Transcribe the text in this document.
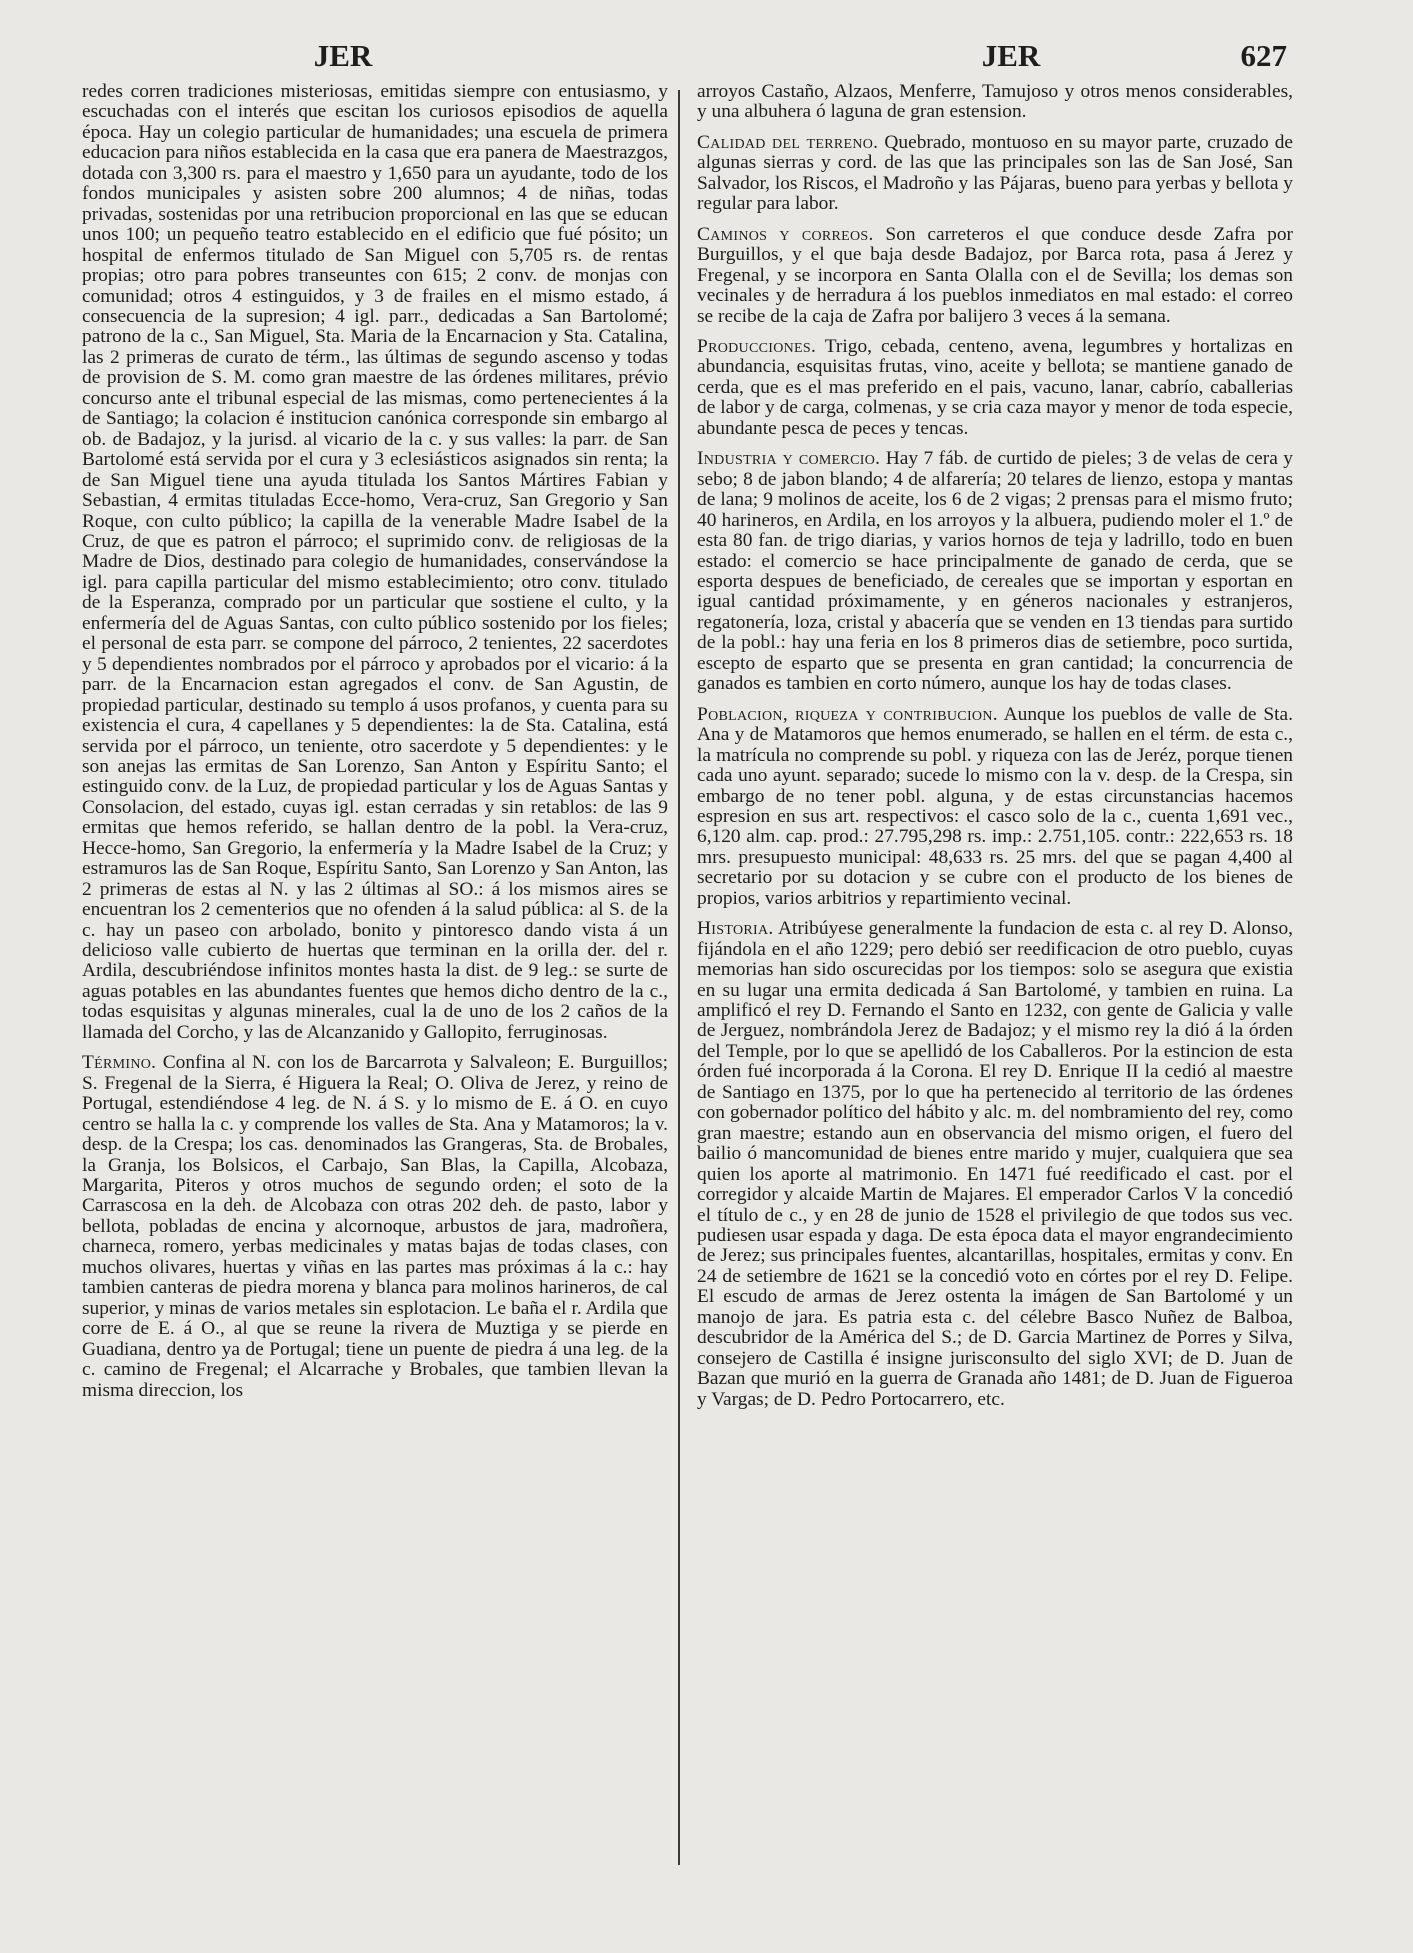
JER	JER	627

redes corren tradiciones misteriosas, emitidas siempre con entusiasmo, y escuchadas con el interés que escitan los curiosos episodios de aquella época. Hay un colegio particular de humanidades; una escuela de primera educacion para niños establecida en la casa que era panera de Maestrazgos, dotada con 3,300 rs. para el maestro y 1,650 para un ayudante, todo de los fondos municipales y asisten sobre 200 alumnos; 4 de niñas, todas privadas, sostenidas por una retribucion proporcional en las que se educan unos 100; un pequeño teatro establecido en el edificio que fué pósito; un hospital de enfermos titulado de San Miguel con 5,705 rs. de rentas propias; otro para pobres transeuntes con 615; 2 conv. de monjas con comunidad; otros 4 estinguidos, y 3 de frailes en el mismo estado, á consecuencia de la supresion; 4 igl. parr., dedicadas a San Bartolomé; patrono de la c., San Miguel, Sta. Maria de la Encarnacion y Sta. Catalina, las 2 primeras de curato de térm., las últimas de segundo ascenso y todas de provision de S. M. como gran maestre de las órdenes militares, prévio concurso ante el tribunal especial de las mismas, como pertenecientes á la de Santiago; la colacion é institucion canónica corresponde sin embargo al ob. de Badajoz, y la jurisd. al vicario de la c. y sus valles: la parr. de San Bartolomé está servida por el cura y 3 eclesiásticos asignados sin renta; la de San Miguel tiene una ayuda titulada los Santos Mártires Fabian y Sebastian, 4 ermitas tituladas Ecce-homo, Vera-cruz, San Gregorio y San Roque, con culto público; la capilla de la venerable Madre Isabel de la Cruz, de que es patron el párroco; el suprimido conv. de religiosas de la Madre de Dios, destinado para colegio de humanidades, conservándose la igl. para capilla particular del mismo establecimiento; otro conv. titulado de la Esperanza, comprado por un particular que sostiene el culto, y la enfermería del de Aguas Santas, con culto público sostenido por los fieles; el personal de esta parr. se compone del párroco, 2 tenientes, 22 sacerdotes y 5 dependientes nombrados por el párroco y aprobados por el vicario: á la parr. de la Encarnacion estan agregados el conv. de San Agustin, de propiedad particular, destinado su templo á usos profanos, y cuenta para su existencia el cura, 4 capellanes y 5 dependientes: la de Sta. Catalina, está servida por el párroco, un teniente, otro sacerdote y 5 dependientes: y le son anejas las ermitas de San Lorenzo, San Anton y Espíritu Santo; el estinguido conv. de la Luz, de propiedad particular y los de Aguas Santas y Consolacion, del estado, cuyas igl. estan cerradas y sin retablos: de las 9 ermitas que hemos referido, se hallan dentro de la pobl. la Vera-cruz, Hecce-homo, San Gregorio, la enfermería y la Madre Isabel de la Cruz; y estramuros las de San Roque, Espíritu Santo, San Lorenzo y San Anton, las 2 primeras de estas al N. y las 2 últimas al SO.: á los mismos aires se encuentran los 2 cementerios que no ofenden á la salud pública: al S. de la c. hay un paseo con arbolado, bonito y pintoresco dando vista á un delicioso valle cubierto de huertas que terminan en la orilla der. del r. Ardila, descubriéndose infinitos montes hasta la dist. de 9 leg.: se surte de aguas potables en las abundantes fuentes que hemos dicho dentro de la c., todas esquisitas y algunas minerales, cual la de uno de los 2 caños de la llamada del Corcho, y las de Alcanzanido y Gallopito, ferruginosas.

Término. Confina al N. con los de Barcarrota y Salvaleon; E. Burguillos; S. Fregenal de la Sierra, é Higuera la Real; O. Oliva de Jerez, y reino de Portugal, estendiéndose 4 leg. de N. á S. y lo mismo de E. á O. en cuyo centro se halla la c. y comprende los valles de Sta. Ana y Matamoros; la v. desp. de la Crespa; los cas. denominados las Grangeras, Sta. de Brobales, la Granja, los Bolsicos, el Carbajo, San Blas, la Capilla, Alcobaza, Margarita, Piteros y otros muchos de segundo orden; el soto de la Carrascosa en la deh. de Alcobaza con otras 202 deh. de pasto, labor y bellota, pobladas de encina y alcornoque, arbustos de jara, madroñera, charneca, romero, yerbas medicinales y matas bajas de todas clases, con muchos olivares, huertas y viñas en las partes mas próximas á la c.: hay tambien canteras de piedra morena y blanca para molinos harineros, de cal superior, y minas de varios metales sin esplotacion. Le baña el r. Ardila que corre de E. á O., al que se reune la rivera de Muztiga y se pierde en Guadiana, dentro ya de Portugal; tiene un puente de piedra á una leg. de la c. camino de Fregenal; el Alcarrache y Brobales, que tambien llevan la misma direccion, los

arroyos Castaño, Alzaos, Menferre, Tamujoso y otros menos considerables, y una albuhera ó laguna de gran estension.

Calidad del terreno. Quebrado, montuoso en su mayor parte, cruzado de algunas sierras y cord. de las que las principales son las de San José, San Salvador, los Riscos, el Madroño y las Pájaras, bueno para yerbas y bellota y regular para labor.

Caminos y correos. Son carreteros el que conduce desde Zafra por Burguillos, y el que baja desde Badajoz, por Barca rota, pasa á Jerez y Fregenal, y se incorpora en Santa Olalla con el de Sevilla; los demas son vecinales y de herradura á los pueblos inmediatos en mal estado: el correo se recibe de la caja de Zafra por balijero 3 veces á la semana.

Producciones. Trigo, cebada, centeno, avena, legumbres y hortalizas en abundancia, esquisitas frutas, vino, aceite y bellota; se mantiene ganado de cerda, que es el mas preferido en el pais, vacuno, lanar, cabrío, caballerias de labor y de carga, colmenas, y se cria caza mayor y menor de toda especie, abundante pesca de peces y tencas.

Industria y comercio. Hay 7 fáb. de curtido de pieles; 3 de velas de cera y sebo; 8 de jabon blando; 4 de alfarería; 20 telares de lienzo, estopa y mantas de lana; 9 molinos de aceite, los 6 de 2 vigas; 2 prensas para el mismo fruto; 40 harineros, en Ardila, en los arroyos y la albuera, pudiendo moler el 1.º de esta 80 fan. de trigo diarias, y varios hornos de teja y ladrillo, todo en buen estado: el comercio se hace principalmente de ganado de cerda, que se esporta despues de beneficiado, de cereales que se importan y esportan en igual cantidad próximamente, y en géneros nacionales y estranjeros, regatonería, loza, cristal y abacería que se venden en 13 tiendas para surtido de la pobl.: hay una feria en los 8 primeros dias de setiembre, poco surtida, escepto de esparto que se presenta en gran cantidad; la concurrencia de ganados es tambien en corto número, aunque los hay de todas clases.

Poblacion, riqueza y contribucion. Aunque los pueblos de valle de Sta. Ana y de Matamoros que hemos enumerado, se hallen en el térm. de esta c., la matrícula no comprende su pobl. y riqueza con las de Jeréz, porque tienen cada uno ayunt. separado; sucede lo mismo con la v. desp. de la Crespa, sin embargo de no tener pobl. alguna, y de estas circunstancias hacemos espresion en sus art. respectivos: el casco solo de la c., cuenta 1,691 vec., 6,120 alm. cap. prod.: 27.795,298 rs. imp.: 2.751,105. contr.: 222,653 rs. 18 mrs. presupuesto municipal: 48,633 rs. 25 mrs. del que se pagan 4,400 al secretario por su dotacion y se cubre con el producto de los bienes de propios, varios arbitrios y repartimiento vecinal.

Historia. Atribúyese generalmente la fundacion de esta c. al rey D. Alonso, fijándola en el año 1229; pero debió ser reedificacion de otro pueblo, cuyas memorias han sido oscurecidas por los tiempos: solo se asegura que existia en su lugar una ermita dedicada á San Bartolomé, y tambien en ruina. La amplificó el rey D. Fernando el Santo en 1232, con gente de Galicia y valle de Jerguez, nombrándola Jerez de Badajoz; y el mismo rey la dió á la órden del Temple, por lo que se apellidó de los Caballeros. Por la estincion de esta órden fué incorporada á la Corona. El rey D. Enrique II la cedió al maestre de Santiago en 1375, por lo que ha pertenecido al territorio de las órdenes con gobernador político del hábito y alc. m. del nombramiento del rey, como gran maestre; estando aun en observancia del mismo origen, el fuero del bailio ó mancomunidad de bienes entre marido y mujer, cualquiera que sea quien los aporte al matrimonio. En 1471 fué reedificado el cast. por el corregidor y alcaide Martin de Majares. El emperador Carlos V la concedió el título de c., y en 28 de junio de 1528 el privilegio de que todos sus vec. pudiesen usar espada y daga. De esta época data el mayor engrandecimiento de Jerez; sus principales fuentes, alcantarillas, hospitales, ermitas y conv. En 24 de setiembre de 1621 se la concedió voto en córtes por el rey D. Felipe. El escudo de armas de Jerez ostenta la imágen de San Bartolomé y un manojo de jara. Es patria esta c. del célebre Basco Nuñez de Balboa, descubridor de la América del S.; de D. Garcia Martinez de Porres y Silva, consejero de Castilla é insigne jurisconsulto del siglo XVI; de D. Juan de Bazan que murió en la guerra de Granada año 1481; de D. Juan de Figueroa y Vargas; de D. Pedro Portocarrero, etc.
